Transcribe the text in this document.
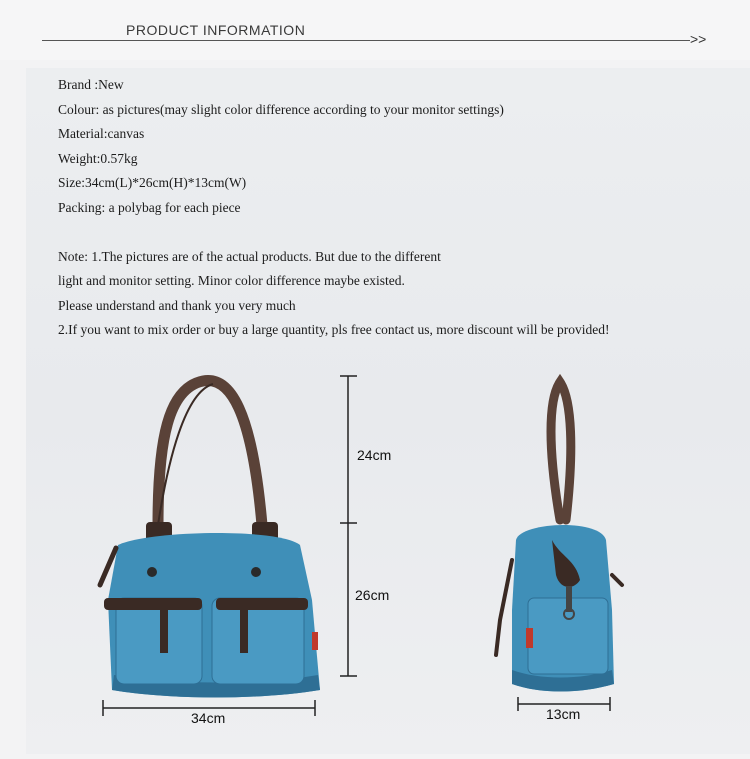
PRODUCT INFORMATION
>>
Brand :New
Colour: as pictures(may slight color difference according to your monitor settings)
Material:canvas
Weight:0.57kg
Size:34cm(L)*26cm(H)*13cm(W)
Packing: a polybag for each piece
Note: 1.The pictures are of the actual products. But due to the different
light and monitor setting. Minor color difference maybe existed.
Please understand and thank you very much
2.If you want to mix order or buy a large quantity, pls free contact us, more discount will be provided!
24cm
26cm
34cm	13cm
